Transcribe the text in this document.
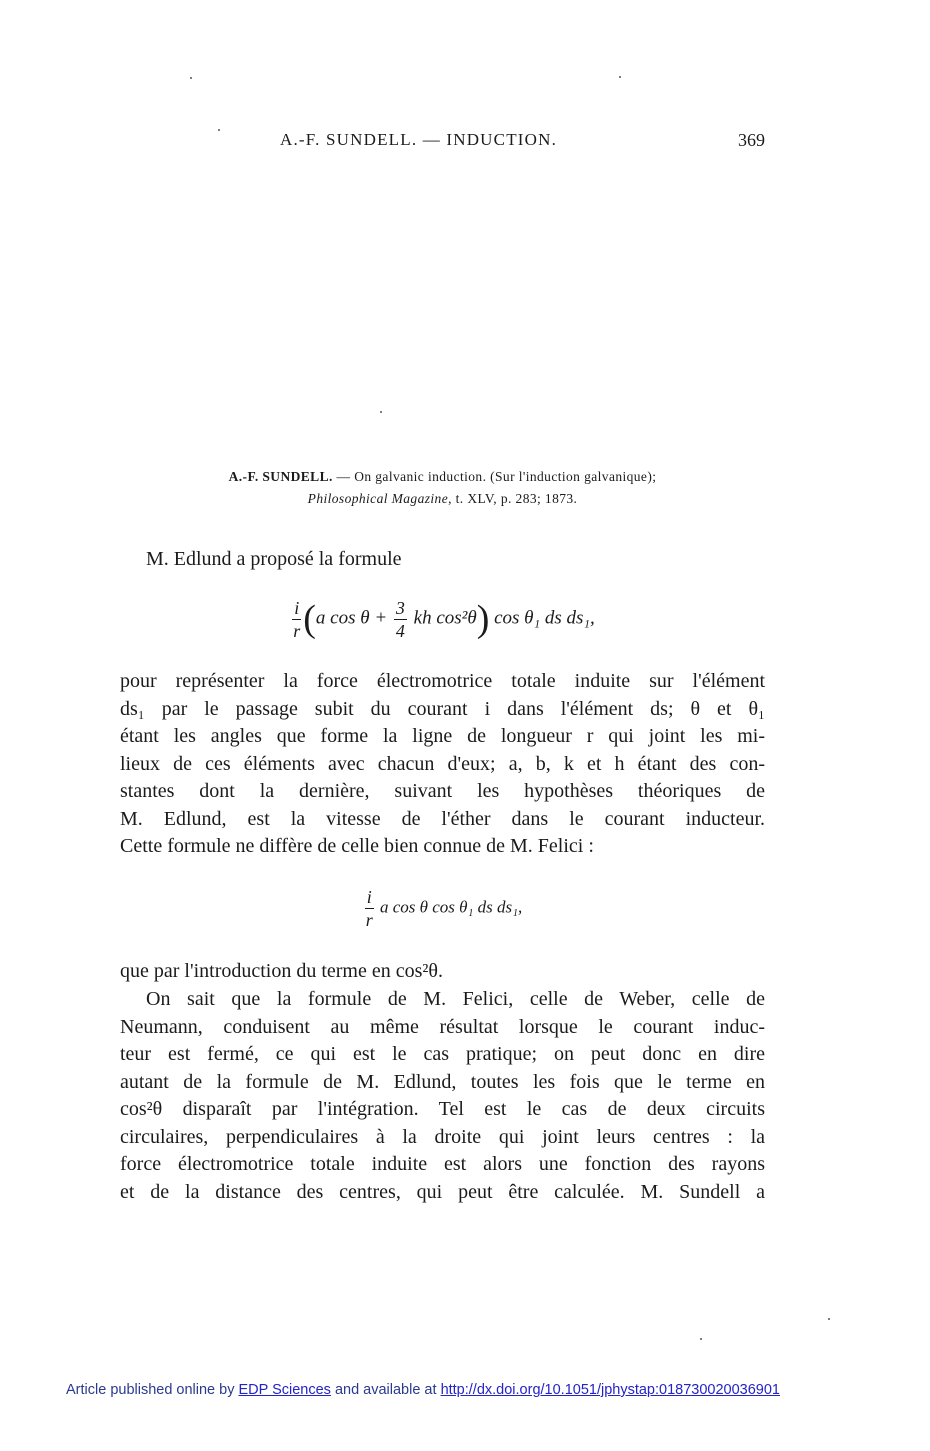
A.-F. SUNDELL. — INDUCTION.	369
A.-F. SUNDELL. — On galvanic induction. (Sur l'induction galvanique);
Philosophical Magazine, t. XLV, p. 283; 1873.

M. Edlund a proposé la formule

$\frac{i}{r} (a$ $\cos \theta + \frac{3}{4}$ kh cos²θ) cos θ₁ ds ds₁,
pour représenter la force électromotrice totale induite sur l'élément
ds₁ par le passage subit du courant i dans l'élément ds; θ et θ₁
étant les angles que forme la ligne de longueur r qui joint les mi-
lieux de ces éléments avec chacun d'eux; a, b, k et h étant des con-
stantes dont la dernière, suivant les hypothèses théoriques de
M. Edlund, est la vitesse de l'éther dans le courant inducteur.
Cette formule ne diffère de celle bien connue de M. Felici :
$\frac{i}{r}$ a cos θ cos θ₁ ds ds₁,

que par l'introduction du terme en cos²θ.

On sait que la formule de M. Felici, celle de Weber, celle de
Neumann, conduisent au même résultat lorsque le courant induc-
teur est fermé, ce qui est le cas pratique; on peut donc en dire
autant de la formule de M. Edlund, toutes les fois que le terme en
cos²θ disparaît par l'intégration. Tel est le cas de deux circuits
circulaires, perpendiculaires à la droite qui joint leurs centres : la
force électromotrice totale induite est alors une fonction des rayons
et de la distance des centres, qui peut être calculée. M. Sundell a
Article published online by EDP Sciences and available at http://dx.doi.org/10.1051/jphystap:018730020036901
